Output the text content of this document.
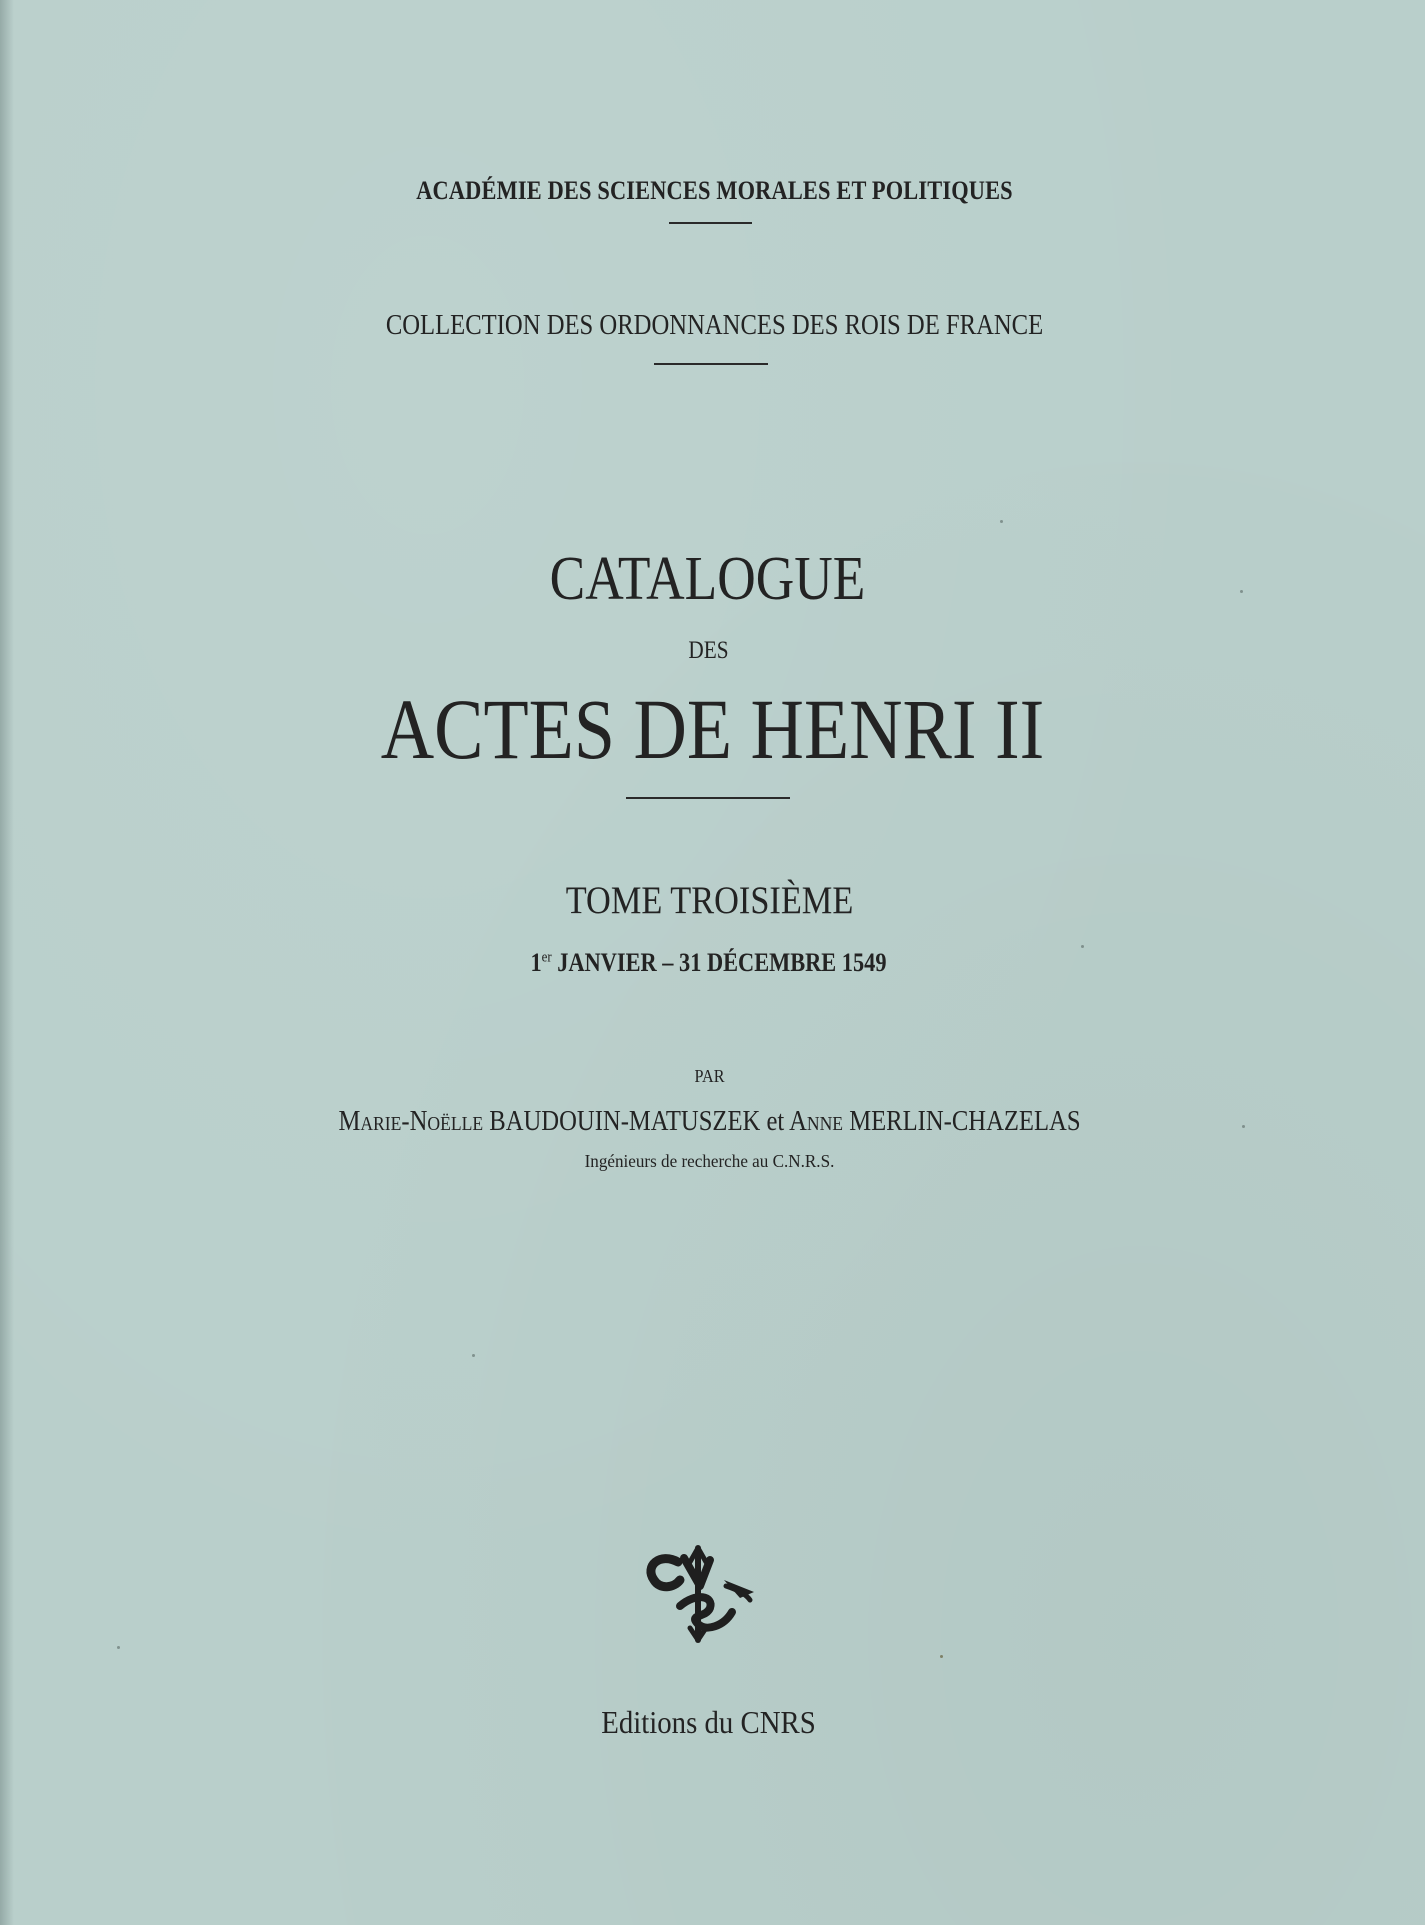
ACADÉMIE DES SCIENCES MORALES ET POLITIQUES
COLLECTION DES ORDONNANCES DES ROIS DE FRANCE
CATALOGUE
DES
ACTES DE HENRI II
TOME TROISIÈME
1er JANVIER – 31 DÉCEMBRE 1549
PAR
Marie-Noëlle BAUDOUIN-MATUSZEK et Anne MERLIN-CHAZELAS
Ingénieurs de recherche au C.N.R.S.
Editions du CNRS
